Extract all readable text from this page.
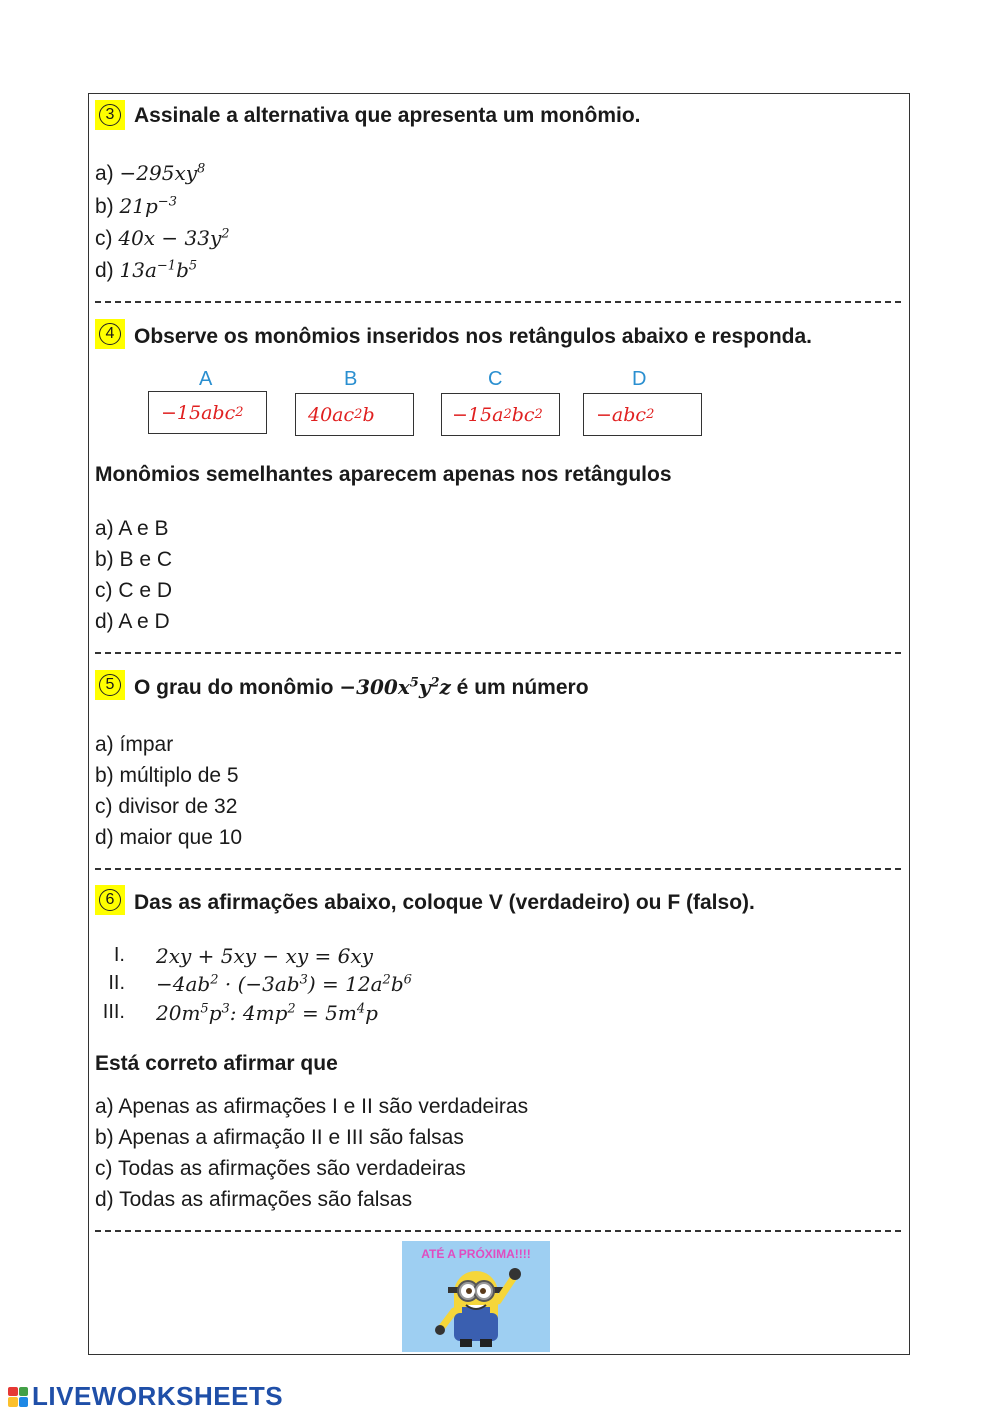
3 Assinale a alternativa que apresenta um monômio.
$a) -295xy^8$
b) $21p^{-3}$
c) $40x - 33y^2$
d) $13a^{-1}b^5$
4 Observe os monômios inseridos nos retângulos abaixo e responda.
A	B	C	D
−15abc 2	40ac 2 b	−15a 2 bc 2	−abc 2
Monômios semelhantes aparecem apenas nos retângulos
a) A e B
b) B e C
c) C e D
d) A e D
5 O grau do monômio $-300x^5y^2z$ é um número
a) ímpar
b) múltiplo de 5
c) divisor de 32
d) maior que 10
6 Das as afirmações abaixo, coloque V (verdadeiro) ou F (falso).
I. 2xy + 5xy − xy = 6xy
II. $-4ab^2 \cdot (-3ab^3) = 12a^2b^6$
III. $20m^5p^3$: $4mp^2 = 5m^4p$
Está correto afirmar que
a) Apenas as afirmações I e II são verdadeiras
b) Apenas a afirmação II e III são falsas
c) Todas as afirmações são verdadeiras
d) Todas as afirmações são falsas
ATÉ A PRÓXIMA!!!!
LIVEWORKSHEETS
